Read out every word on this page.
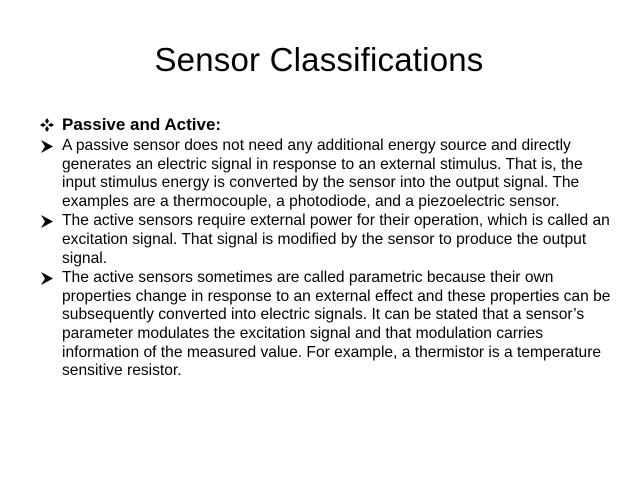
Sensor Classifications
Passive and Active:
A passive sensor does not need any additional energy source and directly generates an electric signal in response to an external stimulus. That is, the input stimulus energy is converted by the sensor into the output signal. The examples are a thermocouple, a photodiode, and a piezoelectric sensor.
The active sensors require external power for their operation, which is called an excitation signal. That signal is modified by the sensor to produce the output signal.
The active sensors sometimes are called parametric because their own properties change in response to an external effect and these properties can be subsequently converted into electric signals. It can be stated that a sensor’s parameter modulates the excitation signal and that modulation carries information of the measured value. For example, a thermistor is a temperature sensitive resistor.
